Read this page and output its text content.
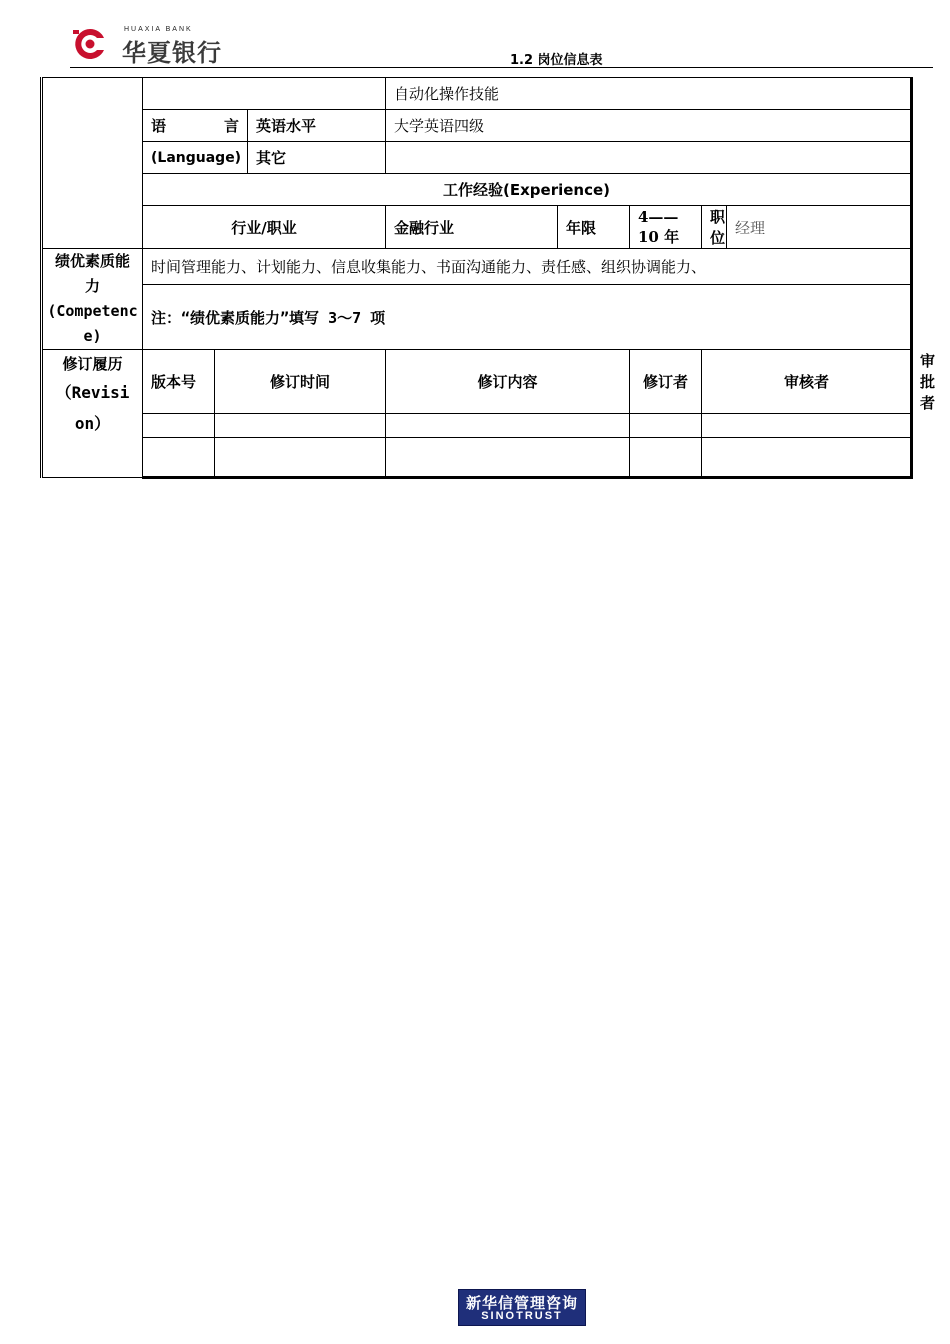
HUAXIA BANK
华夏银行	1.2 岗位信息表
				自动化操作技能					
	语　　　言		英语水平	大学英语四级					
	(Language)		其它						
	工作经验(Experience)								
	行业/职业			金融行业	年限	4——10 年	职位	经理	

绩优素质能力
(Competence)	时间管理能力、计划能力、信息收集能力、书面沟通能力、责任感、组织协调能力、								
	注：“绩优素质能力”填写 3～7 项								

修订履历
（Revision）	版本号	修订时间		修订内容		修订者	审核者		审批者

新华信管理咨询
SINOTRUST
